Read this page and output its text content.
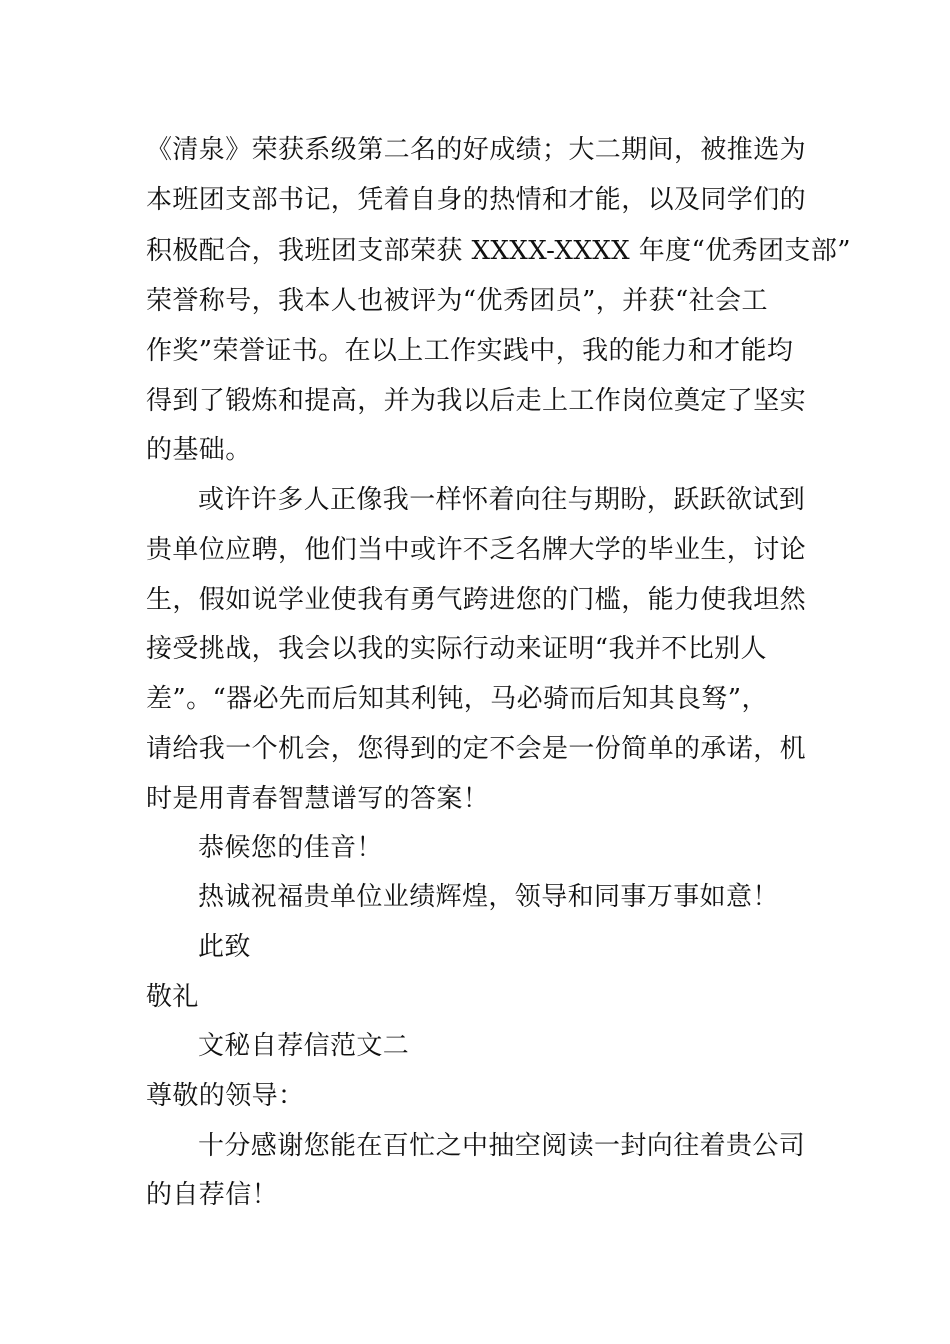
《清泉》荣获系级第二名的好成绩；大二期间，被推选为
本班团支部书记，凭着自身的热情和才能，以及同学们的
积极配合，我班团支部荣获 XXXX-XXXX 年度“优秀团支部”
荣誉称号，我本人也被评为“优秀团员”，并获“社会工
作奖”荣誉证书。在以上工作实践中，我的能力和才能均
得到了锻炼和提高，并为我以后走上工作岗位奠定了坚实
的基础。
或许许多人正像我一样怀着向往与期盼，跃跃欲试到
贵单位应聘，他们当中或许不乏名牌大学的毕业生，讨论
生，假如说学业使我有勇气跨进您的门槛，能力使我坦然
接受挑战，我会以我的实际行动来证明“我并不比别人
差”。“器必先而后知其利钝，马必骑而后知其良驽”，
请给我一个机会，您得到的定不会是一份简单的承诺，机
时是用青春智慧谱写的答案！
恭候您的佳音！
热诚祝福贵单位业绩辉煌，领导和同事万事如意！
此致
敬礼
文秘自荐信范文二
尊敬的领导：
十分感谢您能在百忙之中抽空阅读一封向往着贵公司
的自荐信！
